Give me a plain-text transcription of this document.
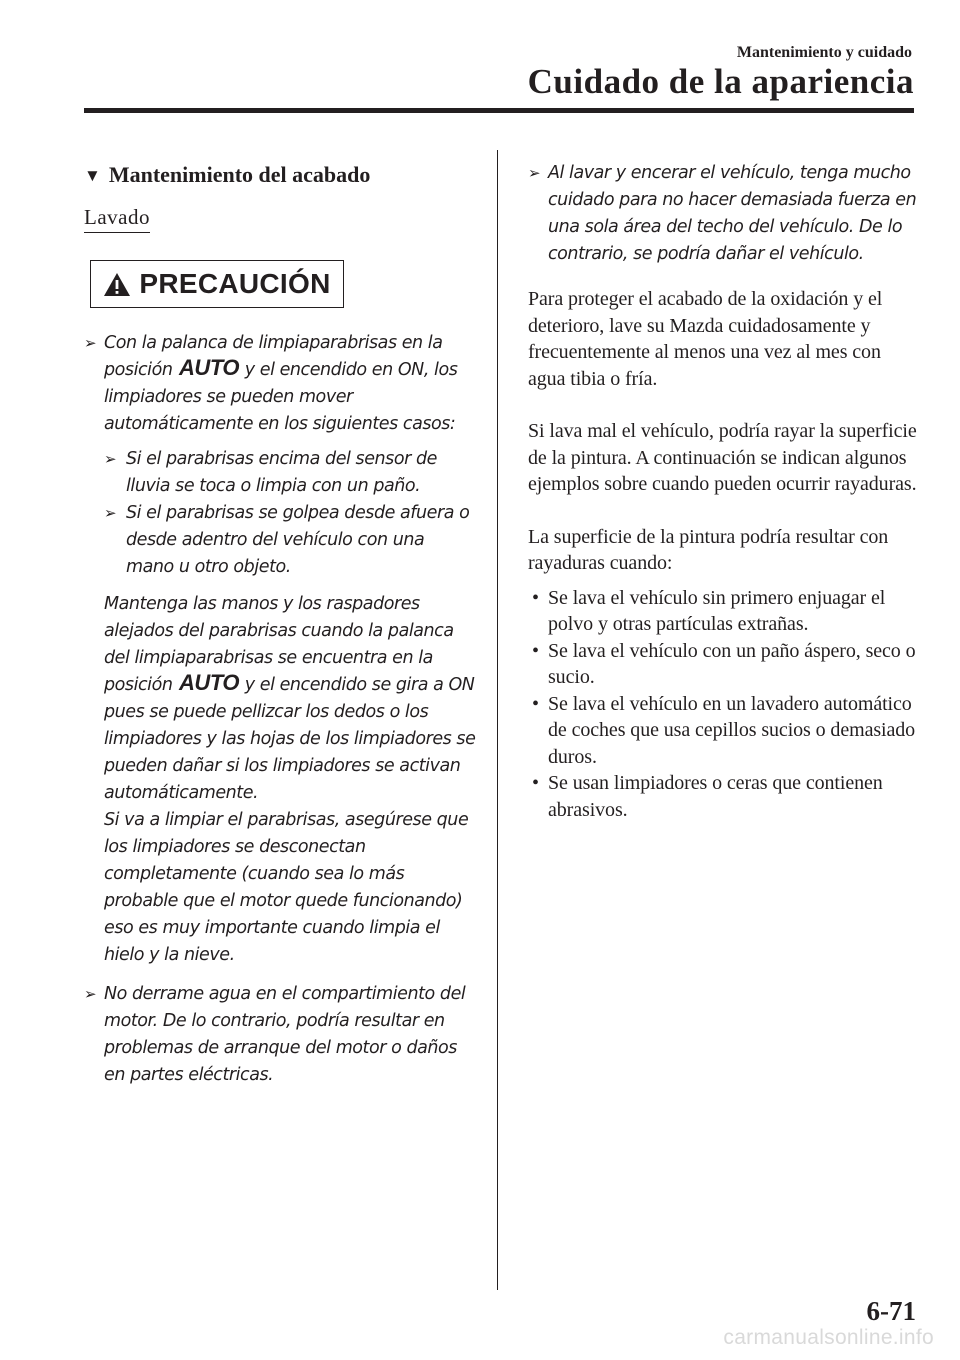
Mantenimiento y cuidado
Cuidado de la apariencia
▼ Mantenimiento del acabado
Lavado
PRECAUCIÓN
➢ Con la palanca de limpiaparabrisas en la posición AUTO y el encendido en ON, los limpiadores se pueden mover automáticamente en los siguientes casos:
➢ Si el parabrisas encima del sensor de lluvia se toca o limpia con un paño.
➢ Si el parabrisas se golpea desde afuera o desde adentro del vehículo con una mano u otro objeto.
Mantenga las manos y los raspadores alejados del parabrisas cuando la palanca del limpiaparabrisas se encuentra en la posición AUTO y el encendido se gira a ON pues se puede pellizcar los dedos o los limpiadores y las hojas de los limpiadores se pueden dañar si los limpiadores se activan automáticamente.
Si va a limpiar el parabrisas, asegúrese que los limpiadores se desconectan completamente (cuando sea lo más probable que el motor quede funcionando) eso es muy importante cuando limpia el hielo y la nieve.
➢ No derrame agua en el compartimiento del motor. De lo contrario, podría resultar en problemas de arranque del motor o daños en partes eléctricas.
➢ Al lavar y encerar el vehículo, tenga mucho cuidado para no hacer demasiada fuerza en una sola área del techo del vehículo. De lo contrario, se podría dañar el vehículo.

Para proteger el acabado de la oxidación y el deterioro, lave su Mazda cuidadosamente y frecuentemente al menos una vez al mes con agua tibia o fría.

Si lava mal el vehículo, podría rayar la superficie de la pintura. A continuación se indican algunos ejemplos sobre cuando pueden ocurrir rayaduras.

La superficie de la pintura podría resultar con rayaduras cuando:

• Se lava el vehículo sin primero enjuagar el polvo y otras partículas extrañas.
• Se lava el vehículo con un paño áspero, seco o sucio.
• Se lava el vehículo en un lavadero automático de coches que usa cepillos sucios o demasiado duros.
• Se usan limpiadores o ceras que contienen abrasivos.
6-71
carmanualsonline.info
